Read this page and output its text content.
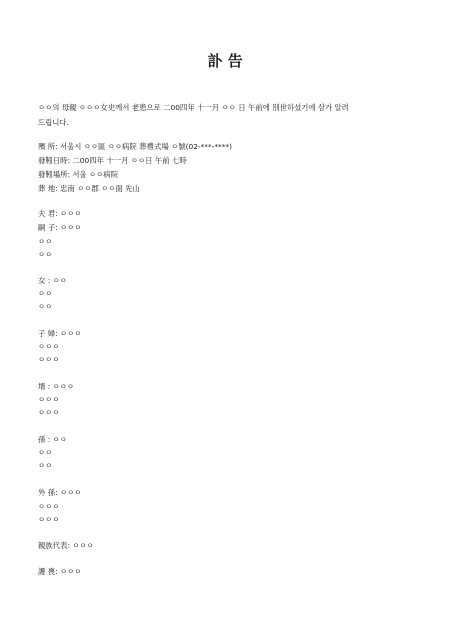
訃 告
ㅇㅇ의 母親 ㅇㅇㅇ女史께서 老患으로 二00四年 十一月 ㅇㅇ 日 午前에 別世하셨기에 삼가 알려
드립니다.
殯 所: 서울시 ㅇㅇ區 ㅇㅇ病院 葬禮式場 ㅇ號(02-***-****)
發靷日時: 二00四年 十一月 ㅇㅇ日 午前 七時
發靷場所: 서울 ㅇㅇ病院
葬 地: 忠南 ㅇㅇ郡 ㅇㅇ面 先山
夫 君: ㅇㅇㅇ
嗣 子: ㅇㅇㅇ
ㅇㅇ
ㅇㅇ
女 : ㅇㅇ
ㅇㅇ
ㅇㅇ
子 婦: ㅇㅇㅇ
ㅇㅇㅇ
ㅇㅇㅇ
壻 : ㅇㅇㅇ
ㅇㅇㅇ
ㅇㅇㅇ
孫 : ㅇㅇ
ㅇㅇ
ㅇㅇ
外 孫: ㅇㅇㅇ
ㅇㅇㅇ
ㅇㅇㅇ
親族代表: ㅇㅇㅇ
護 喪: ㅇㅇㅇ
